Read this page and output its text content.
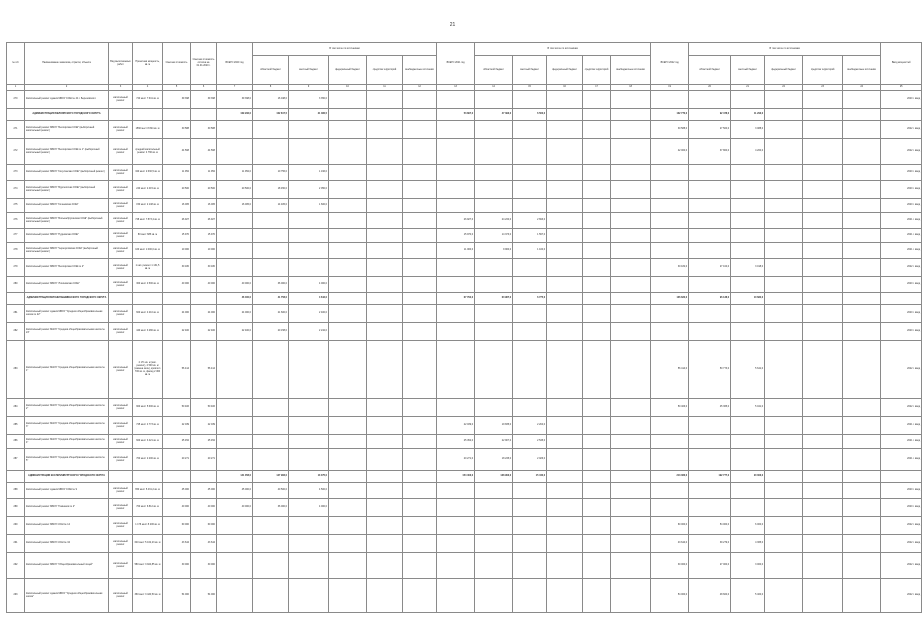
21
№ п/п	Наименование заказчика, отрасли, объекта	Вид выполняемых работ	Проектная мощность, кв. м	Сметная стоимость	Сметная стоимость остатка на 01.01.2020 г.	ВСЕГО 2020 год	В том числе по источникам					ВСЕГО 2021 год	В том числе по источникам					ВСЕГО 2022 год	В том числе по источникам					Ввод мощностей
							областной бюджет	местный бюджет	федеральный бюджет	средства территорий	внебюджетные источники		областной бюджет	местный бюджет	федеральный бюджет	средства территорий	внебюджетные источники		областной бюджет	местный бюджет	федеральный бюджет	средства территорий	внебюджетные источники	
1	2	3	4	5	6	7	8	9	10	11	12	13	14	15	16	17	18	19	20	21	22	23	24	25
270	Капитальный ремонт здания МБОУ СОШ № 44 г. Березовского	капитальный ремонт	720 мест 7 641 кв. м	39 398	39 398	39 398,0	16 048,0	3 350,0																2020 г. ввод
	АДМИНИСТРАЦИЯ БЕЛОЯРСКОГО ГОРОДСКОГО ОКРУГА					109 296,0	102 817,5	21 486,5				53 897,0	47 396,0	6 500,0				102 770,0	92 478,0	11 293,0				
271	Капитальный ремонт МБОУ "Белоярская СОШ" (выборочный капитальный ремонт)	капитальный ремонт	1560 мест 8 824 кв. м	30 588	30 588													30 588,0	27 500,0	3 088,0				2022 г. ввод
272	Капитальный ремонт МБОУ "Белоярская СОШ № 1" (выборочный капитальный ремонт)	капитальный ремонт	средний капитальный ремонт 4 766 кв. м	44 568	44 568													42 000,0	37 800,0	4 200,0				2022 г. ввод
273	Капитальный ремонт МБОУ "Косулинская СОШ" (выборочный ремонт)	капитальный ремонт	320 мест 2 630,5 кв. м	11 952	11 952	11 952,0	10 756,0	1 196,0																2020 г. ввод
274	Капитальный ремонт МБОУ "Бруснятская ООШ" (выборочный капитальный ремонт)	капитальный ремонт	240 мест 2 415 кв. м	20 500	20 500	20 500,0	18 450,0	2 050,0																2020 г. ввод
275	Капитальный ремонт МБОУ "Кочневская СОШ"	капитальный ремонт	150 мест 2 148 кв. м	16 005	16 005	16 005,0	14 405,0	1 600,0																2020 г. ввод
276	Капитальный ремонт МБОУ "Большебрусянская СОШ" (выборочный капитальный ремонт)	капитальный ремонт	728 мест 7 873,4 кв. м	26 927	26 927							26 927,0	24 234,0	2 693,0										2021 г. ввод
277	Капитальный ремонт МБОУ "Рудновская ООШ"	капитальный ремонт	80 мест 685 кв. м	15 970	15 970							15 970,0	14 373,0	1 597,0										2021 г. ввод
278	Капитальный ремонт МБОУ "Черноусовская СОШ" (выборочный капитальный ремонт)	капитальный ремонт	100 мест 1 000,0 кв. м	10 000	10 000							11 000,0	9 900,0	1 100,0										2021 г. ввод
279	Капитальный ремонт МБОУ "Белоярская СОШ № 2"	капитальный ремонт	1 кап. ремонт 1 131,5 кв. м	30 180	30 180													30 182,0	27 164,0	3 018,0				2022 г. ввод
280	Капитальный ремонт МБОУ "Логиновская СОШ"	капитальный ремонт	300 мест 4 500 кв. м	40 000	40 000	40 000,0	36 000,0	4 000,0																2020 г. ввод
	АДМИНИСТРАЦИЯ ВЕРХНЕПЫШМИНСКОГО ГОРОДСКОГО ОКРУГА					46 400,0	41 758,0	4 642,0				67 762,0	60 987,0	6 775,0				106 820,0	96 138,0	10 682,0				
281	Капитальный ремонт здания МБОУ "Средняя общеобразовательная школа № 22"	капитальный ремонт	600 мест 4 210 кв. м	24 000	24 000	24 000,0	21 600,0	2 400,0																2020 г. ввод
282	Капитальный ремонт МАОУ "Средняя общеобразовательная школа № 24"	капитальный ремонт	440 мест 3 280 кв. м	22 400	22 400	22 400,0	20 158,0	2 242,0																2020 г. ввод
283	Капитальный ремонт МАОУ "Средняя общеобразовательная школа № 1"	капитальный ремонт	2 171 кв. м (кап. ремонт), 2 500 кв. м (замена окон), кровля 1 700 кв. м, фасад 2 460 кв. м	56 414	56 414													56 414,0	50 773,0	5 641,0				2022 г. ввод
284	Капитальный ремонт МАОУ "Средняя общеобразовательная школа № 2"	капитальный ремонт	900 мест 5 600 кв. м	50 406	50 406													50 406,0	45 365,0	5 041,0				2022 г. ввод
285	Капитальный ремонт МАОУ "Средняя общеобразовательная школа № 3"	капитальный ремонт	725 мест 4 773 кв. м	22 039	22 039							22 039,0	19 835,0	2 204,0										2021 г. ввод
286	Капитальный ремонт МАОУ "Средняя общеобразовательная школа № 4"	капитальный ремонт	600 мест 3 421 кв. м	25 452	25 452							25 452,0	22 907,0	2 545,0										2021 г. ввод
287	Капитальный ремонт МАОУ "Средняя общеобразовательная школа № 5"	капитальный ремонт	700 мест 2 200 кв. м	20 271	20 271							20 271,0	18 245,0	2 026,0										2021 г. ввод
	АДМИНИСТРАЦИЯ ЕКАТЕРИНБУРГСКОГО ГОРОДСКОГО ОКРУГА					141 058,0	127 983,0	13 075,0				154 403,0	138 963,0	15 440,0				213 083,0	192 777,0	20 306,0				
288	Капитальный ремонт здания МБОУ СОШ № 9	капитальный ремонт	650 мест 5 431,2 кв. м	45 000	45 000	45 000,0	40 500,0	4 500,0																2020 г. ввод
289	Капитальный ремонт МБОУ "Гимназия № 2"	капитальный ремонт	700 мест 6 812 кв. м	40 000	40 000	40 000,0	36 000,0	4 000,0																2020 г. ввод
290	Капитальный ремонт МБОУ СОШ № 14	капитальный ремонт	1 176 мест 8 206 кв. м	60 000	60 000													60 000,0	54 000,0	6 000,0				2022 г. ввод
291	Капитальный ремонт МБОУ СОШ № 34	капитальный ремонт	640 мест 5 162,23 кв. м	43 644	43 644													43 644,0	39 279,0	4 365,0				2022 г. ввод
292	Капитальный ремонт МБОУ "Общеобразовательный лицей"	капитальный ремонт	580 мест 3 924,85 кв. м	30 000	30 000													30 000,0	27 000,0	3 000,0				2022 г. ввод
293	Капитальный ремонт здания МБОУ "Средняя общеобразовательная школа"	капитальный ремонт	360 мест 3 420,50 кв. м	54 000	54 000													54 000,0	48 600,0	5 400,0				2022 г. ввод
